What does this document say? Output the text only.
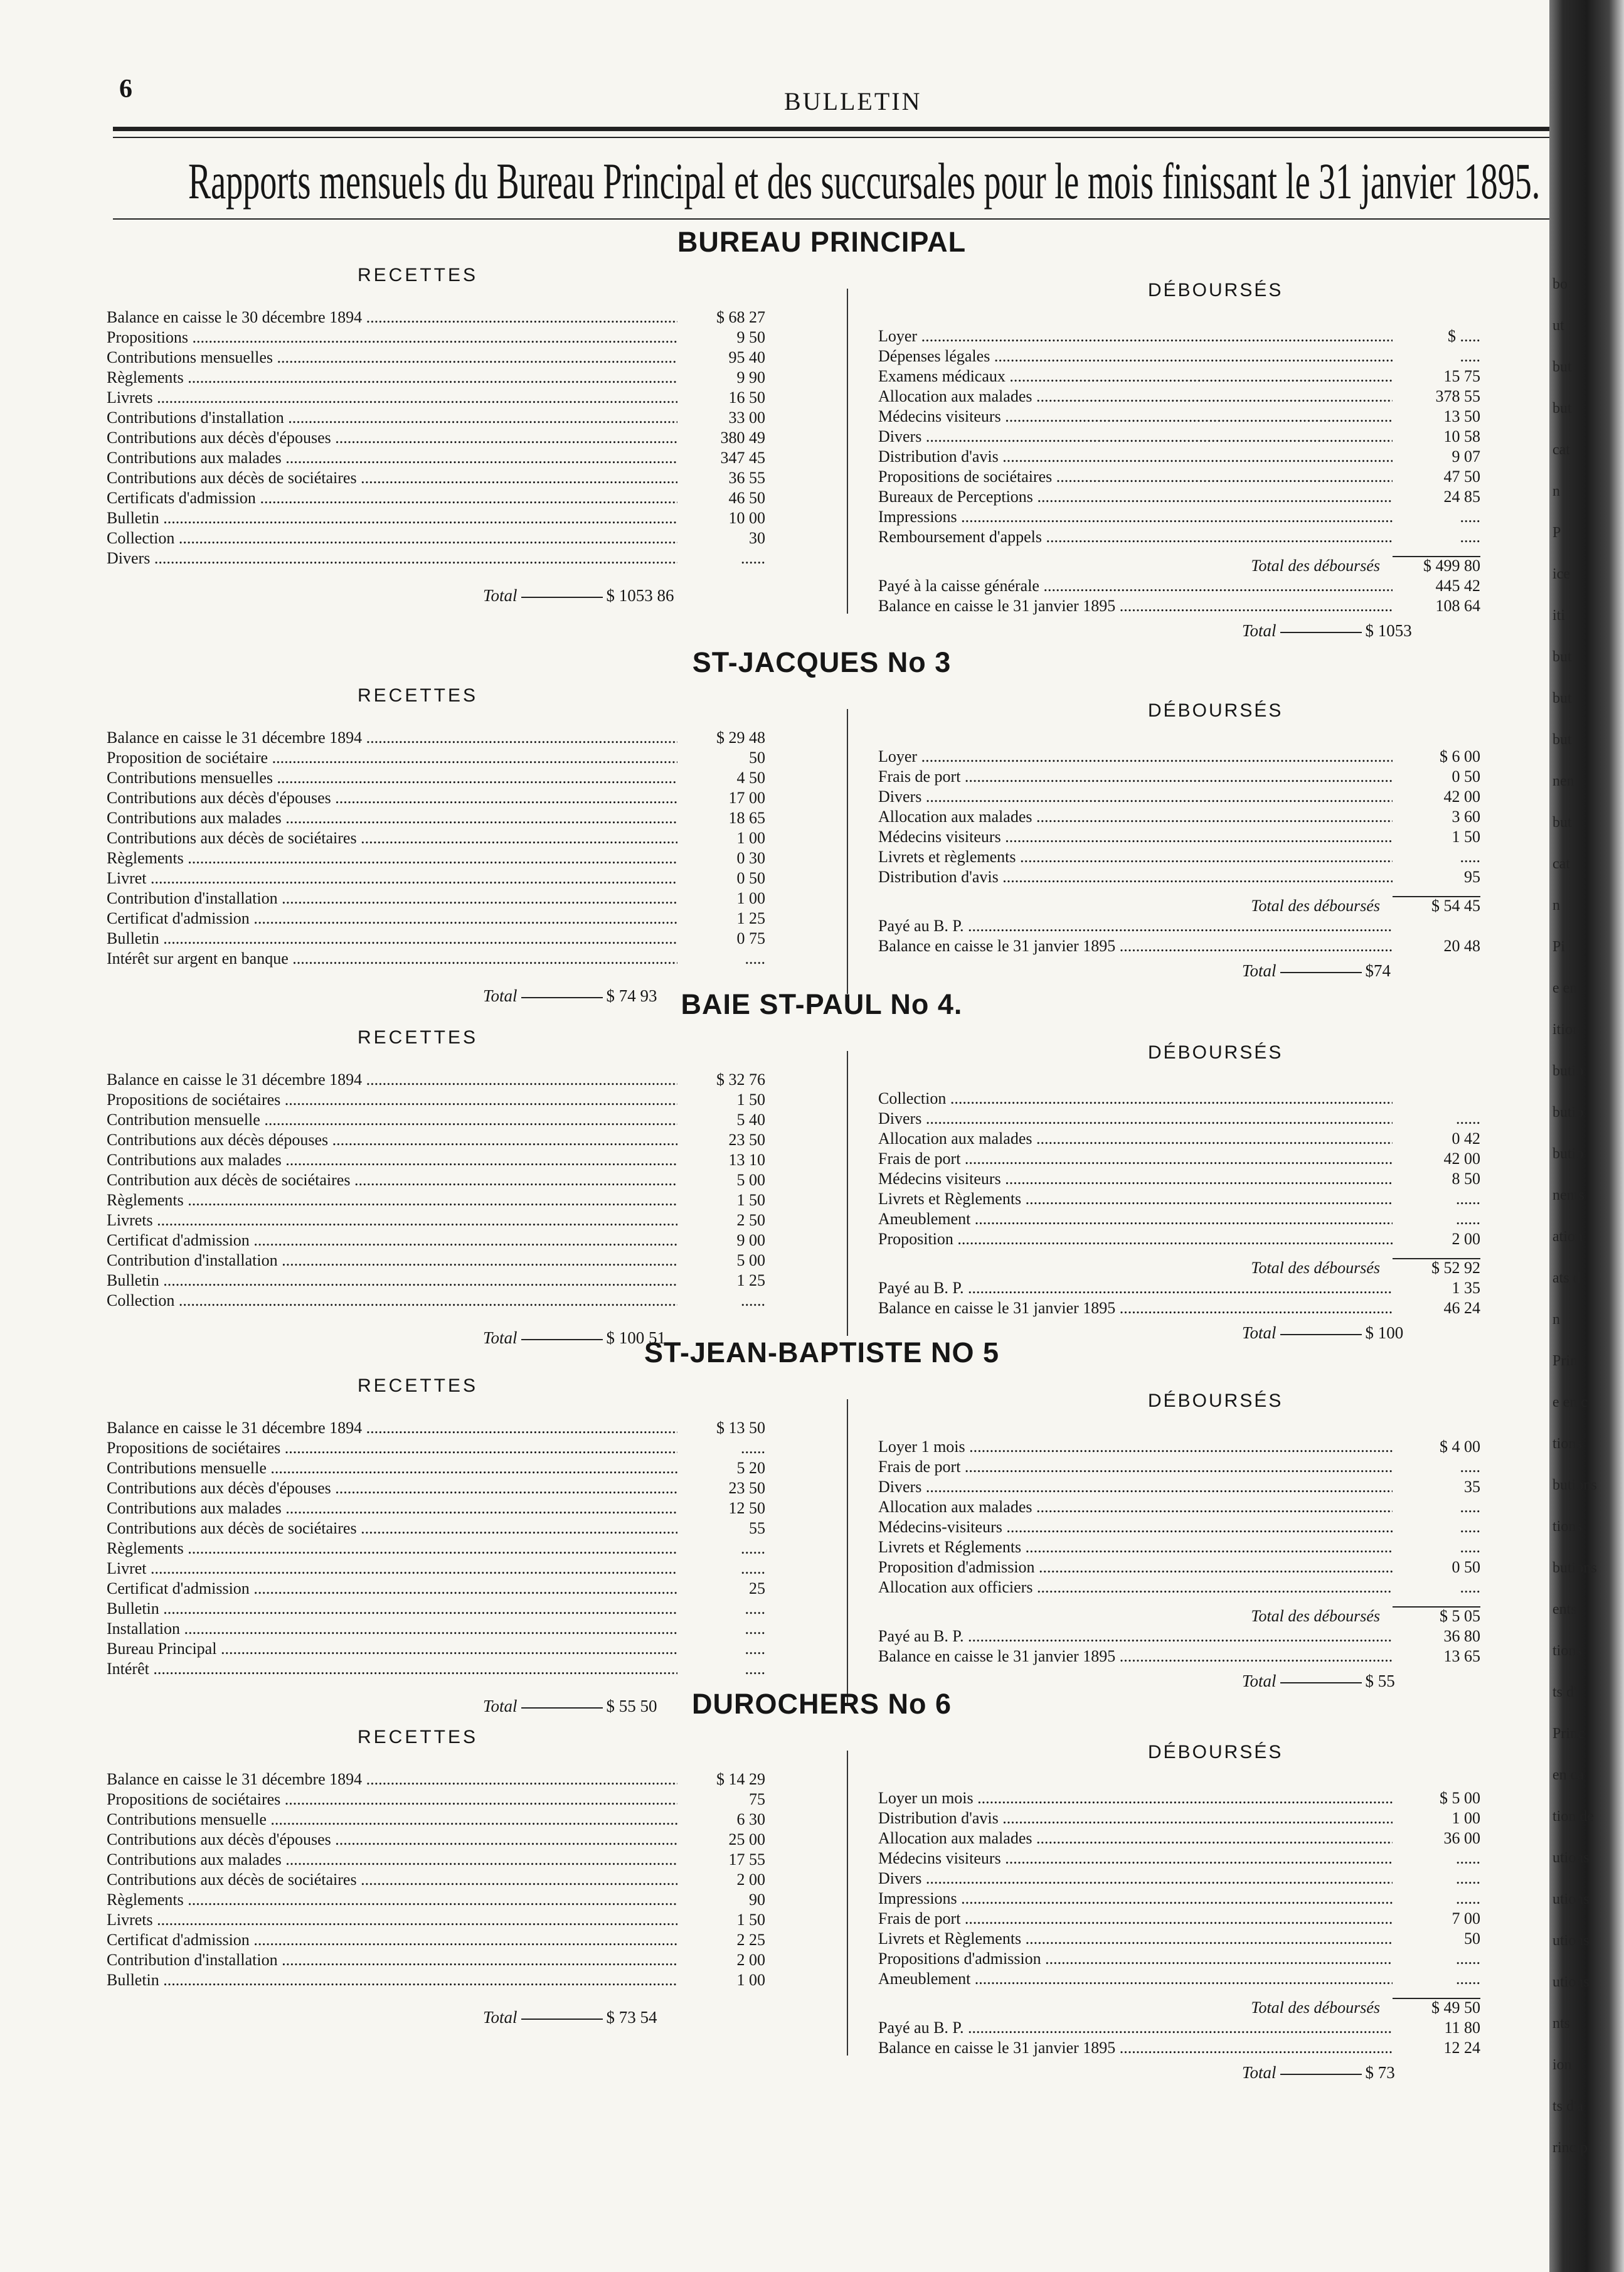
6	BULLETIN
Rapports mensuels du Bureau Principal et des succursales pour le mois finissant le 31 janvier 1895.
BUREAU PRINCIPAL
RECETTES
DÉBOURSÉS
Balance en caisse le 30 décembre 1894 .....	$ 68 27
Propositions .....	9 50
Contributions mensuelles .....	95 40
Règlements .....	9 90
Livrets .....	16 50
Contributions d'installation .....	33 00
Contributions aux décès d'épouses .....	380 49
Contributions aux malades .....	347 45
Contributions aux décès de sociétaires .....	36 55
Certificats d'admission .....	46 50
Bulletin .....	10 00
Collection .....	30
Divers .....	......
Total	$ 1053 86
Loyer .....	$ .....
Dépenses légales .....	.....
Examens médicaux .....	15 75
Allocation aux malades .....	378 55
Médecins visiteurs .....	13 50
Divers .....	10 58
Distribution d'avis .....	9 07
Propositions de sociétaires .....	47 50
Bureaux de Perceptions .....	24 85
Impressions .....	.....
Remboursement d'appels .....	.....
Total des déboursés	$ 499 80
Payé à la caisse générale .....	445 42
Balance en caisse le 31 janvier 1895 .....	108 64
Total	$ 1053
ST-JACQUES No 3
RECETTES
DÉBOURSÉS
Balance en caisse le 31 décembre 1894 .....	$ 29 48
Proposition de sociétaire .....	50
Contributions mensuelles .....	4 50
Contributions aux décès d'épouses .....	17 00
Contributions aux malades .....	18 65
Contributions aux décès de sociétaires .....	1 00
Règlements .....	0 30
Livret .....	0 50
Contribution d'installation .....	1 00
Certificat d'admission .....	1 25
Bulletin .....	0 75
Intérêt sur argent en banque .....	.....
Total	$ 74 93
Loyer .....	$ 6 00
Frais de port .....	0 50
Divers .....	42 00
Allocation aux malades .....	3 60
Médecins visiteurs .....	1 50
Livrets et règlements .....	.....
Distribution d'avis .....	95
Total des déboursés	$ 54 45
Payé au B. P. .....
Balance en caisse le 31 janvier 1895 .....	20 48
Total	$74
BAIE ST-PAUL No 4.
RECETTES
DÉBOURSÉS
Balance en caisse le 31 décembre 1894 .....	$ 32 76
Propositions de sociétaires .....	1 50
Contribution mensuelle .....	5 40
Contributions aux décès dépouses .....	23 50
Contributions aux malades .....	13 10
Contribution aux décès de sociétaires .....	5 00
Règlements .....	1 50
Livrets .....	2 50
Certificat d'admission .....	9 00
Contribution d'installation .....	5 00
Bulletin .....	1 25
Collection .....	......
Total	$ 100 51
Collection .....
Divers .....	......
Allocation aux malades .....	0 42
Frais de port .....	42 00
Médecins visiteurs .....	8 50
Livrets et Règlements .....	......
Ameublement .....	......
Proposition .....	2 00
Total des déboursés	$ 52 92
Payé au B. P. .....	1 35
Balance en caisse le 31 janvier 1895 .....	46 24
Total	$ 100
ST-JEAN-BAPTISTE NO 5
RECETTES
DÉBOURSÉS
Balance en caisse le 31 décembre 1894 .....	$ 13 50
Propositions de sociétaires .....	......
Contributions mensuelle .....	5 20
Contributions aux décès d'épouses .....	23 50
Contributions aux malades .....	12 50
Contributions aux décès de sociétaires .....	55
Règlements .....	......
Livret .....	......
Certificat d'admission .....	25
Bulletin .....	.....
Installation .....	.....
Bureau Principal .....	.....
Intérêt .....	.....
Total	$ 55 50
Loyer 1 mois .....	$ 4 00
Frais de port .....	.....
Divers .....	35
Allocation aux malades .....	.....
Médecins-visiteurs .....	.....
Livrets et Réglements .....	.....
Proposition d'admission .....	0 50
Allocation aux officiers .....	.....
Total des déboursés	$ 5 05
Payé au B. P. .....	36 80
Balance en caisse le 31 janvier 1895 .....	13 65
Total	$ 55
DUROCHERS No 6
RECETTES
DÉBOURSÉS
Balance en caisse le 31 décembre 1894 .....	$ 14 29
Propositions de sociétaires .....	75
Contributions mensuelle .....	6 30
Contributions aux décès d'épouses .....	25 00
Contributions aux malades .....	17 55
Contributions aux décès de sociétaires .....	2 00
Règlements .....	90
Livrets .....	1 50
Certificat d'admission .....	2 25
Contribution d'installation .....	2 00
Bulletin .....	1 00
Total	$ 73 54
Loyer un mois .....	$ 5 00
Distribution d'avis .....	1 00
Allocation aux malades .....	36 00
Médecins visiteurs .....	......
Divers .....	......
Impressions .....	......
Frais de port .....	7 00
Livrets et Règlements .....	50
Propositions d'admission .....	......
Ameublement .....	......
Total des déboursés	$ 49 50
Payé au B. P. .....	11 80
Balance en caisse le 31 janvier 1895 .....	12 24
Total	$ 73
bo
ut
but
but
cat
n
P
ice
iti
but
but
but
nen
but
cat
n
Pi
e en
ition
butio
butio
butio
nents
ation
ats d
n
Prin
e en c
tions
butions
tions
butions
ents
tions
ts d'
Princ
en ca
tion de
utions
utions
utions
utions
nts
ion
ts d'a
rincip
